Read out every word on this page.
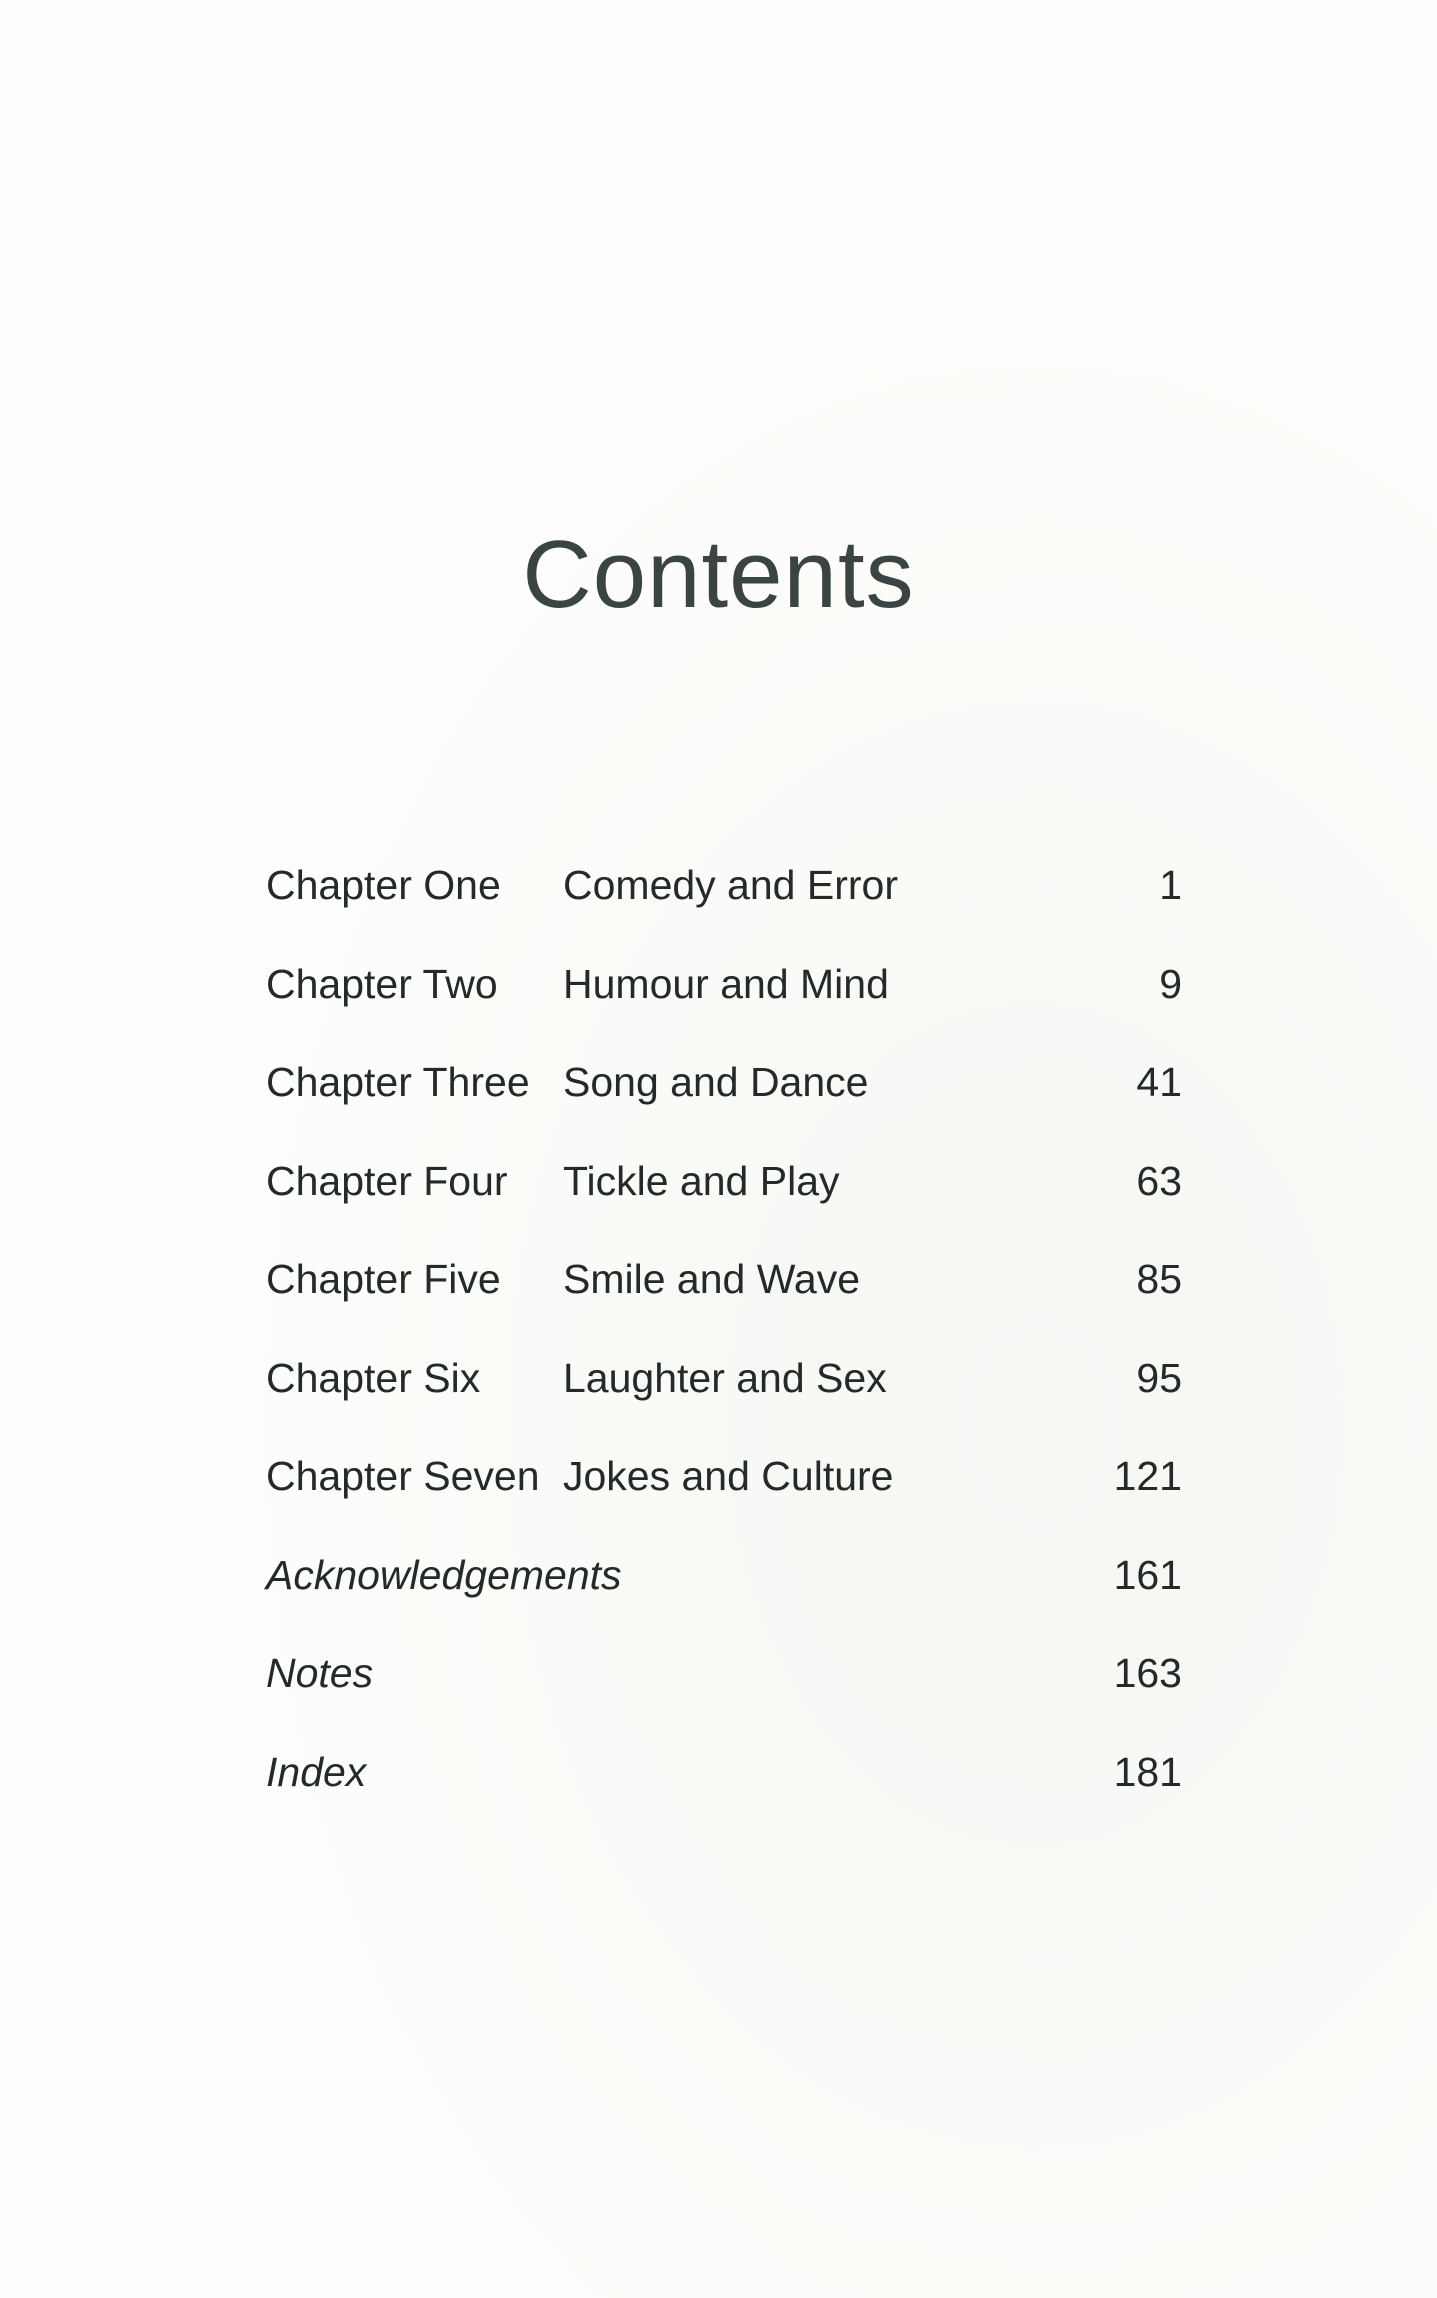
Contents
Chapter One Comedy and Error	1
Chapter Two Humour and Mind	9
Chapter Three Song and Dance	41
Chapter Four Tickle and Play	63
Chapter Five Smile and Wave	85
Chapter Six Laughter and Sex	95
Chapter Seven Jokes and Culture	121
Acknowledgements	161
Notes	163
Index	181
